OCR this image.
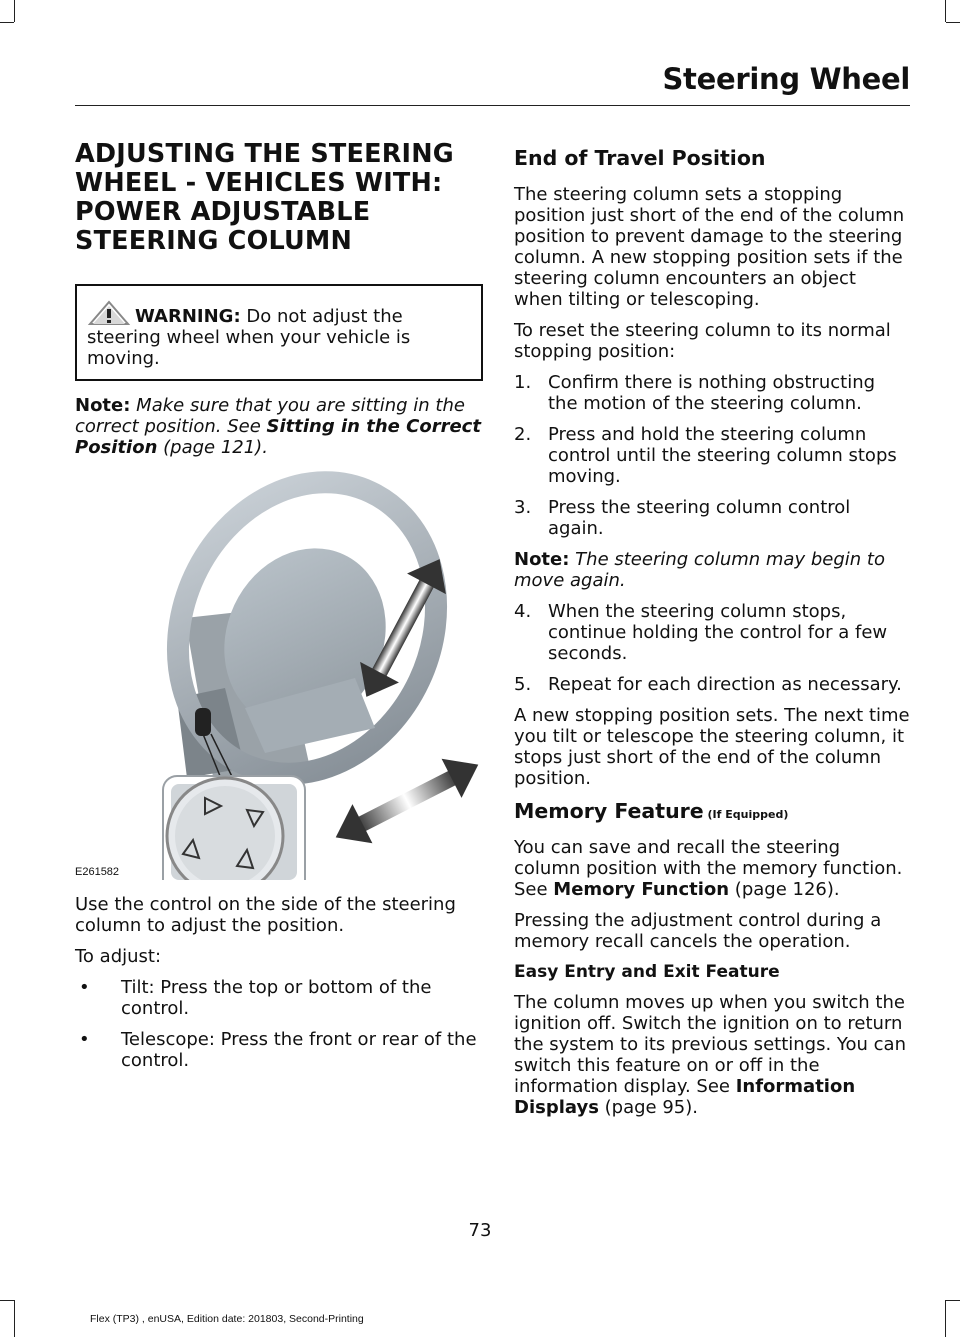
Steering Wheel
ADJUSTING THE STEERING WHEEL - VEHICLES WITH: POWER ADJUSTABLE STEERING COLUMN

WARNING: Do not adjust the steering wheel when your vehicle is moving.

Note: Make sure that you are sitting in the correct position. See Sitting in the Correct Position (page 121).

E261582

Use the control on the side of the steering column to adjust the position.

To adjust:

•	Tilt: Press the top or bottom of the control.
•	Telescope: Press the front or rear of the control.
End of Travel Position

The steering column sets a stopping position just short of the end of the column position to prevent damage to the steering column. A new stopping position sets if the steering column encounters an object when tilting or telescoping.

To reset the steering column to its normal stopping position:

1. Confirm there is nothing obstructing the motion of the steering column.
2. Press and hold the steering column control until the steering column stops moving.
3. Press the steering column control again.

Note: The steering column may begin to move again.

4. When the steering column stops, continue holding the control for a few seconds.
5. Repeat for each direction as necessary.

A new stopping position sets. The next time you tilt or telescope the steering column, it stops just short of the end of the column position.

Memory Feature (If Equipped)

You can save and recall the steering column position with the memory function. See Memory Function (page 126).

Pressing the adjustment control during a memory recall cancels the operation.

Easy Entry and Exit Feature

The column moves up when you switch the ignition off. Switch the ignition on to return the system to its previous settings. You can switch this feature on or off in the information display. See Information Displays (page 95).

73
Flex (TP3) , enUSA, Edition date: 201803, Second-Printing
